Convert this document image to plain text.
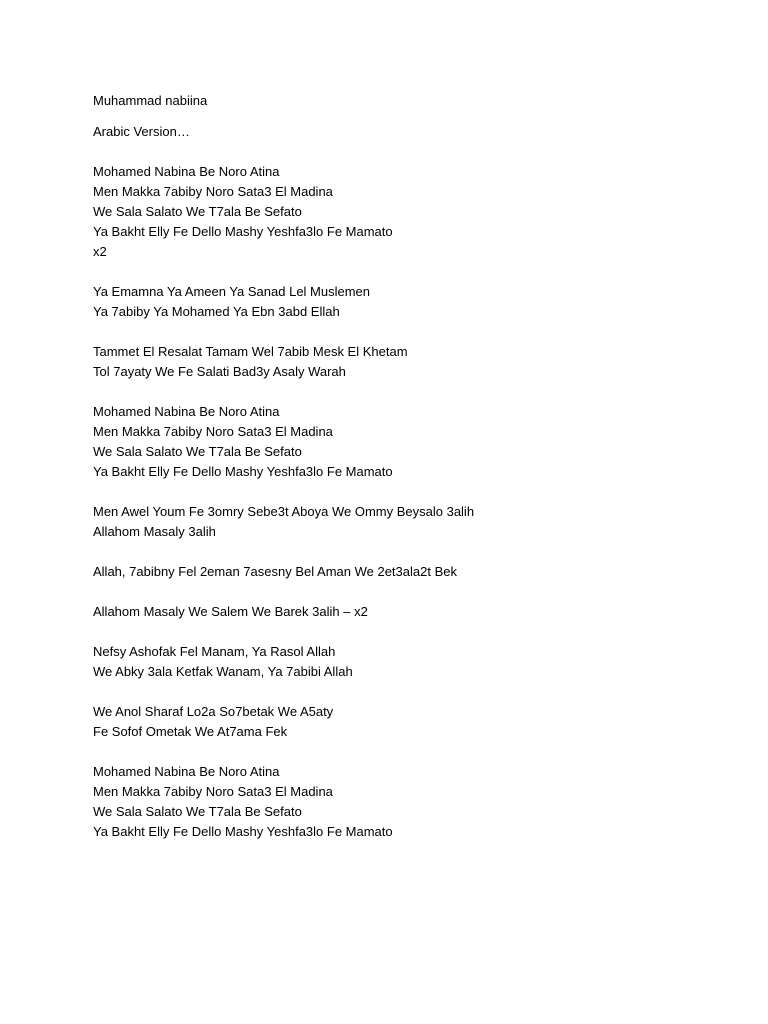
Muhammad nabiina

Arabic Version…

Mohamed Nabina Be Noro Atina
Men Makka 7abiby Noro Sata3 El Madina
We Sala Salato We T7ala Be Sefato
Ya Bakht Elly Fe Dello Mashy Yeshfa3lo Fe Mamato
x2
Ya Emamna Ya Ameen Ya Sanad Lel Muslemen
Ya 7abiby Ya Mohamed Ya Ebn 3abd Ellah
Tammet El Resalat Tamam Wel 7abib Mesk El Khetam
Tol 7ayaty We Fe Salati Bad3y Asaly Warah
Mohamed Nabina Be Noro Atina
Men Makka 7abiby Noro Sata3 El Madina
We Sala Salato We T7ala Be Sefato
Ya Bakht Elly Fe Dello Mashy Yeshfa3lo Fe Mamato
Men Awel Youm Fe 3omry Sebe3t Aboya We Ommy Beysalo 3alih
Allahom Masaly 3alih
Allah, 7abibny Fel 2eman 7asesny Bel Aman We 2et3ala2t Bek
Allahom Masaly We Salem We Barek 3alih – x2
Nefsy Ashofak Fel Manam, Ya Rasol Allah
We Abky 3ala Ketfak Wanam, Ya 7abibi Allah
We Anol Sharaf Lo2a So7betak We A5aty
Fe Sofof Ometak We At7ama Fek
Mohamed Nabina Be Noro Atina
Men Makka 7abiby Noro Sata3 El Madina
We Sala Salato We T7ala Be Sefato
Ya Bakht Elly Fe Dello Mashy Yeshfa3lo Fe Mamato
